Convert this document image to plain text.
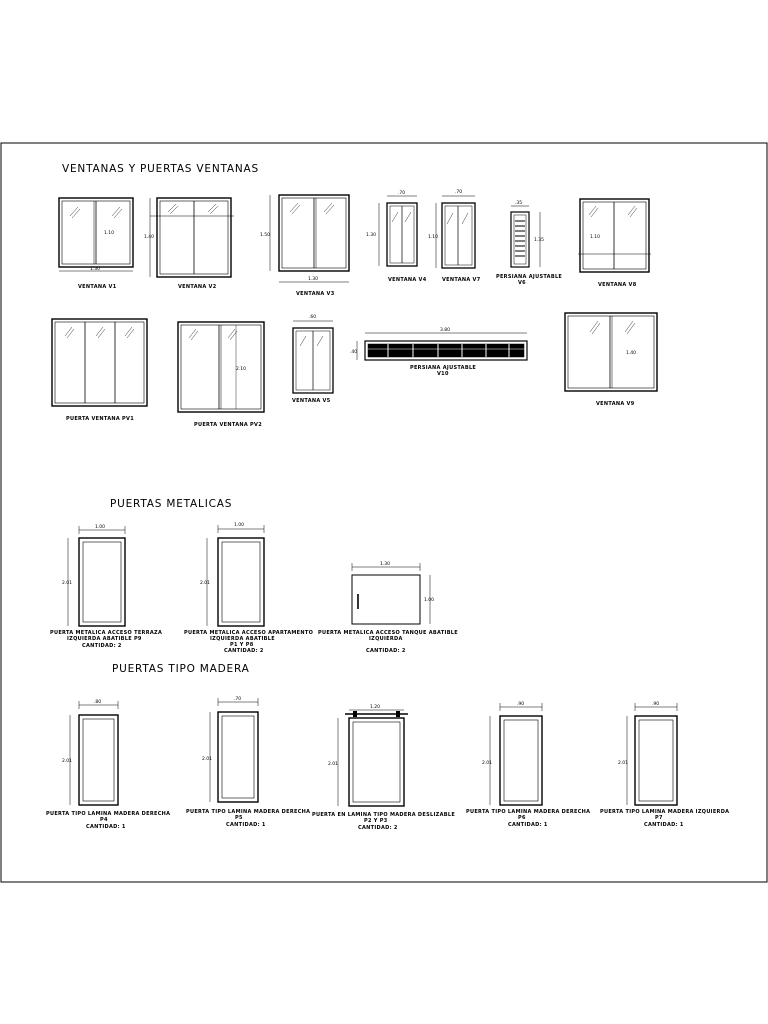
VENTANAS Y PUERTAS VENTANAS
1.30
1.10
VENTANA V1
1.40
VENTANA V2
1.50
1.30
VENTANA V3
.70
1.30
VENTANA V4
.70
1.10
VENTANA V7
.35
1.35
PERSIANA AJUSTABLE
V6
1.10
VENTANA V8
PUERTA VENTANA PV1
2.10
PUERTA VENTANA PV2
.60
VENTANA V5
3.80
.40
PERSIANA AJUSTABLE
V10
1.40
VENTANA V9
PUERTAS METALICAS
1.00
2.01
PUERTA METALICA ACCESO TERRAZA
IZQUIERDA ABATIBLE P9
CANTIDAD: 2
1.00
2.01
PUERTA METALICA ACCESO APARTAMENTO
IZQUIERDA ABATIBLE
P1 Y P8
CANTIDAD: 2
1.30
1.00
PUERTA METALICA ACCESO TANQUE ABATIBLE
IZQUIERDA
CANTIDAD: 2
PUERTAS TIPO MADERA
.80
2.01
PUERTA TIPO LAMINA MADERA DERECHA
P4
CANTIDAD: 1
.70
2.01
PUERTA TIPO LAMINA MADERA DERECHA
P5
CANTIDAD: 1
1.20
2.01
PUERTA EN LAMINA TIPO MADERA DESLIZABLE
P2 Y P3
CANTIDAD: 2
.90
2.01
PUERTA TIPO LAMINA MADERA DERECHA
P6
CANTIDAD: 1
.90
2.01
PUERTA TIPO LAMINA MADERA IZQUIERDA
P7
CANTIDAD: 1
